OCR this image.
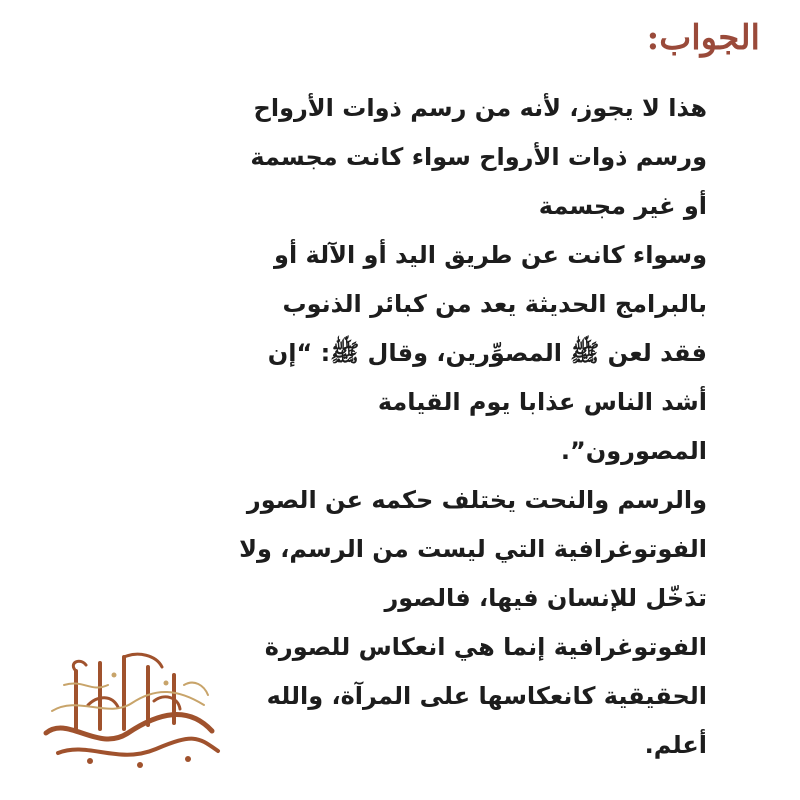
الجواب:
هذا لا يجوز، لأنه من رسم ذوات الأرواح
ورسم ذوات الأرواح سواء كانت مجسمة
أو غير مجسمة
وسواء كانت عن طريق اليد أو الآلة أو
بالبرامج الحديثة يعد من كبائر الذنوب
فقد لعن ﷺ المصوِّرين، وقال ﷺ: “إن
أشد الناس عذابا يوم القيامة
المصورون”.
والرسم والنحت يختلف حكمه عن الصور
الفوتوغرافية التي ليست من الرسم، ولا
تدَخّل للإنسان فيها، فالصور
الفوتوغرافية إنما هي انعكاس للصورة
الحقيقية كانعكاسها على المرآة، والله
أعلم.
